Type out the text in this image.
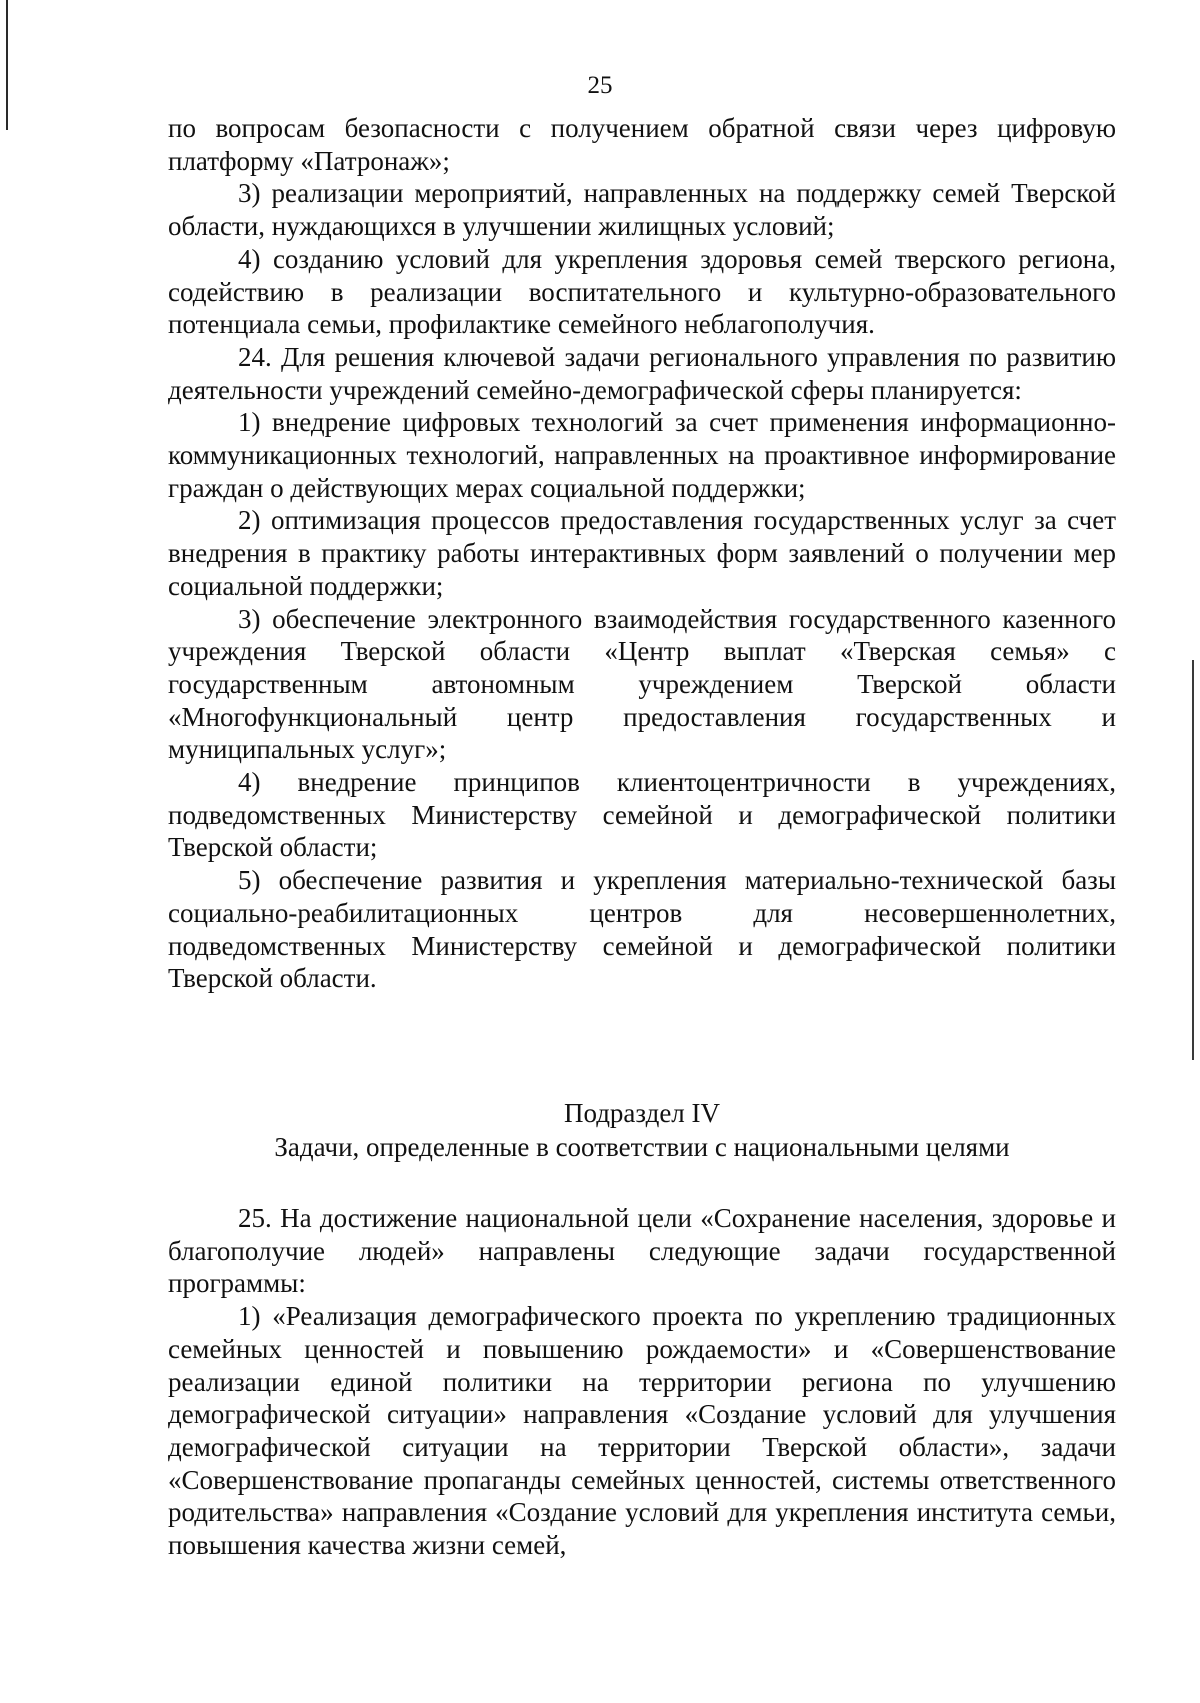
25

по вопросам безопасности с получением обратной связи через цифровую платформу «Патронаж»;

3) реализации мероприятий, направленных на поддержку семей Тверской области, нуждающихся в улучшении жилищных условий;

4) созданию условий для укрепления здоровья семей тверского региона, содействию в реализации воспитательного и культурно-образовательного потенциала семьи, профилактике семейного неблагополучия.

24. Для решения ключевой задачи регионального управления по развитию деятельности учреждений семейно-демографической сферы планируется:

1) внедрение цифровых технологий за счет применения информационно-коммуникационных технологий, направленных на проактивное информирование граждан о действующих мерах социальной поддержки;

2) оптимизация процессов предоставления государственных услуг за счет внедрения в практику работы интерактивных форм заявлений о получении мер социальной поддержки;

3) обеспечение электронного взаимодействия государственного казенного учреждения Тверской области «Центр выплат «Тверская семья» с государственным автономным учреждением Тверской области «Многофункциональный центр предоставления государственных и муниципальных услуг»;

4) внедрение принципов клиентоцентричности в учреждениях, подведомственных Министерству семейной и демографической политики Тверской области;

5) обеспечение развития и укрепления материально-технической базы социально-реабилитационных центров для несовершеннолетних, подведомственных Министерству семейной и демографической политики Тверской области.

Подраздел IV
Задачи, определенные в соответствии с национальными целями

25. На достижение национальной цели «Сохранение населения, здоровье и благополучие людей» направлены следующие задачи государственной программы:

1) «Реализация демографического проекта по укреплению традиционных семейных ценностей и повышению рождаемости» и «Совершенствование реализации единой политики на территории региона по улучшению демографической ситуации» направления «Создание условий для улучшения демографической ситуации на территории Тверской области», задачи «Совершенствование пропаганды семейных ценностей, системы ответственного родительства» направления «Создание условий для укрепления института семьи, повышения качества жизни семей,
